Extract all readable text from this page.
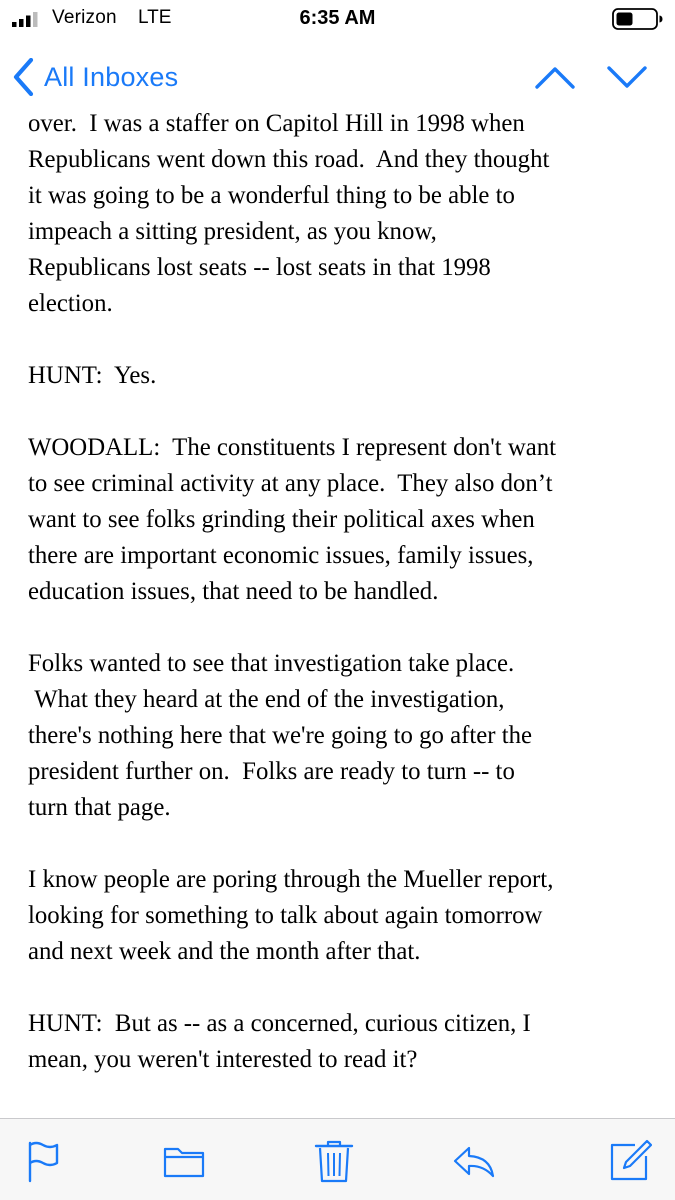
Verizon LTE	6:35 AM
All Inboxes

over.  I was a staffer on Capitol Hill in 1998 when
Republicans went down this road.  And they thought
it was going to be a wonderful thing to be able to
impeach a sitting president, as you know,
Republicans lost seats -- lost seats in that 1998
election.

HUNT:  Yes.

WOODALL:  The constituents I represent don't want
to see criminal activity at any place.  They also don’t
want to see folks grinding their political axes when
there are important economic issues, family issues,
education issues, that need to be handled.

Folks wanted to see that investigation take place.
What they heard at the end of the investigation,
there's nothing here that we're going to go after the
president further on.  Folks are ready to turn -- to
turn that page.

I know people are poring through the Mueller report,
looking for something to talk about again tomorrow
and next week and the month after that.

HUNT:  But as -- as a concerned, curious citizen, I
mean, you weren't interested to read it?
